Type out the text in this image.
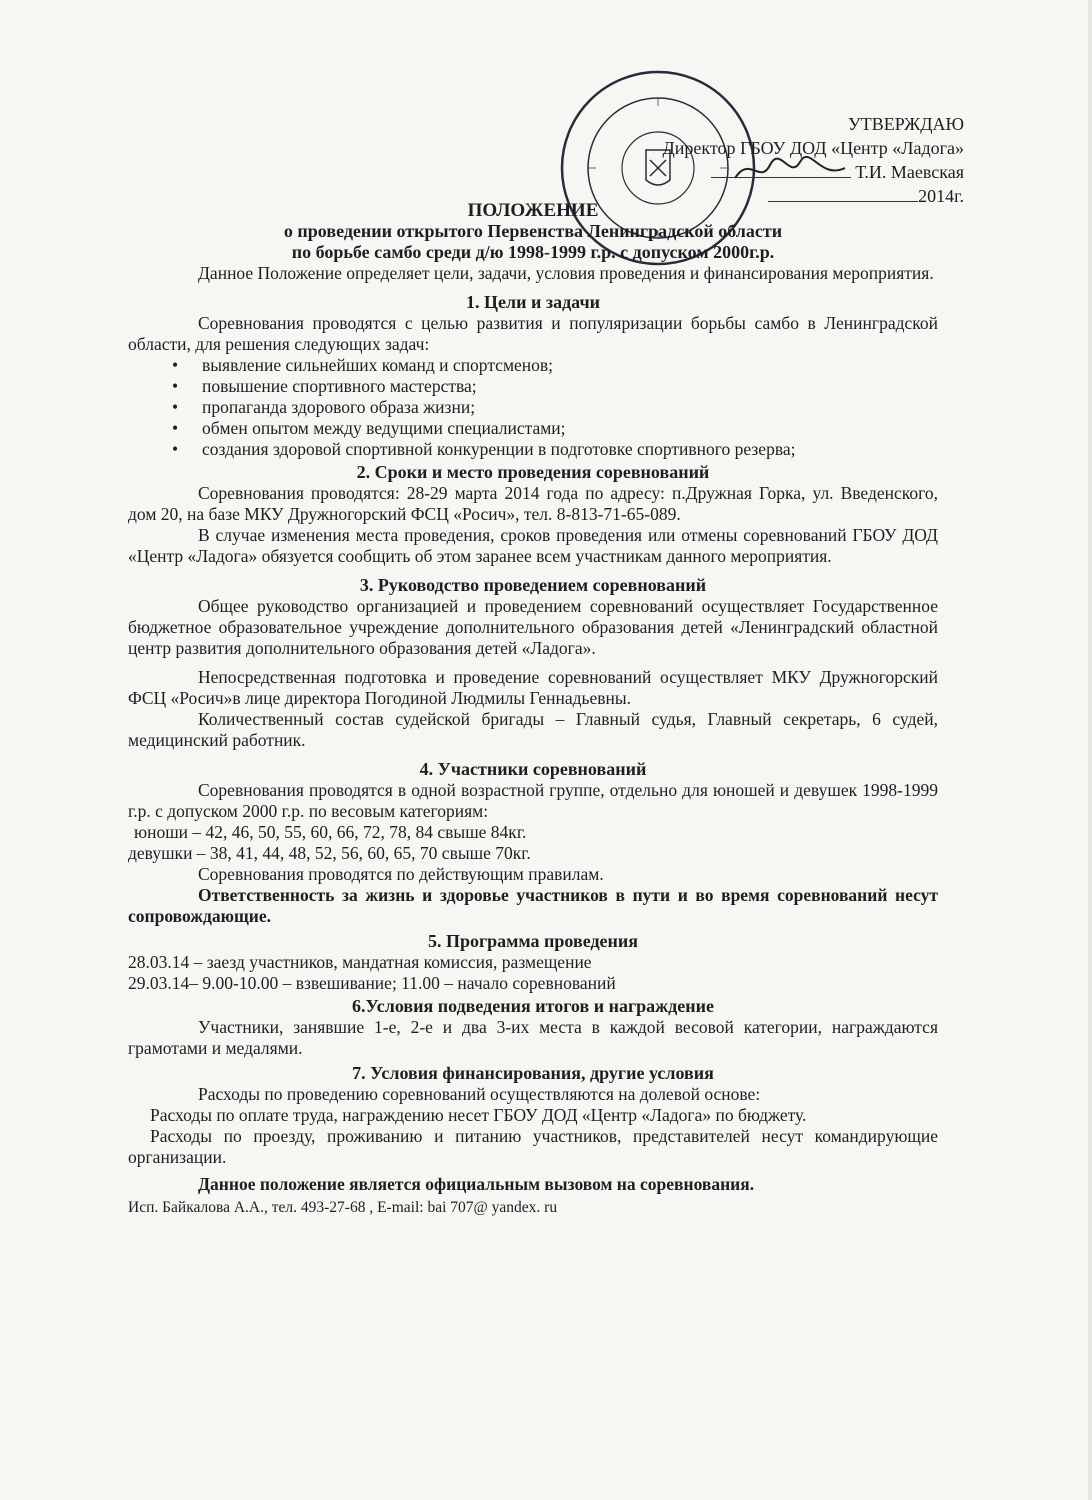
УТВЕРЖДАЮ
Директор ГБОУ ДОД «Центр «Ладога»
Т.И. Маевская
2014г.
ПОЛОЖЕНИЕ
о проведении открытого Первенства Ленинградской области
по борьбе самбо среди д/ю 1998-1999 г.р. с допуском 2000г.р.

Данное Положение определяет цели, задачи, условия проведения и финансирования мероприятия.

1. Цели и задачи

Соревнования проводятся с целью развития и популяризации борьбы самбо в Ленинградской области, для решения следующих задач:

• выявление сильнейших команд и спортсменов;
• повышение спортивного мастерства;
• пропаганда здорового образа жизни;
• обмен опытом между ведущими специалистами;
• создания здоровой спортивной конкуренции в подготовке спортивного резерва;
2. Сроки и место проведения соревнований

Соревнования проводятся: 28-29 марта 2014 года по адресу: п.Дружная Горка, ул. Введенского, дом 20, на базе МКУ Дружногорский ФСЦ «Росич», тел. 8-813-71-65-089.

В случае изменения места проведения, сроков проведения или отмены соревнований ГБОУ ДОД «Центр «Ладога» обязуется сообщить об этом заранее всем участникам данного мероприятия.

3. Руководство проведением соревнований

Общее руководство организацией и проведением соревнований осуществляет Государственное бюджетное образовательное учреждение дополнительного образования детей «Ленинградский областной центр развития дополнительного образования детей «Ладога».

Непосредственная подготовка и проведение соревнований осуществляет МКУ Дружногорский ФСЦ «Росич»в лице директора Погодиной Людмилы Геннадьевны.

Количественный состав судейской бригады – Главный судья, Главный секретарь, 6 судей, медицинский работник.

4. Участники соревнований

Соревнования проводятся в одной возрастной группе, отдельно для юношей и девушек 1998-1999 г.р. с допуском 2000 г.р. по весовым категориям:

юноши – 42, 46, 50, 55, 60, 66, 72, 78, 84 свыше 84кг.

девушки – 38, 41, 44, 48, 52, 56, 60, 65, 70 свыше 70кг.

Соревнования проводятся по действующим правилам.

Ответственность за жизнь и здоровье участников в пути и во время соревнований несут сопровождающие.

5. Программа проведения

28.03.14 – заезд участников, мандатная комиссия, размещение

29.03.14– 9.00-10.00 – взвешивание; 11.00 – начало соревнований

6.Условия подведения итогов и награждение

Участники, занявшие 1-е, 2-е и два 3-их места в каждой весовой категории, награждаются грамотами и медалями.

7. Условия финансирования, другие условия

Расходы по проведению соревнований осуществляются на долевой основе:

Расходы по оплате труда, награждению несет ГБОУ ДОД «Центр «Ладога» по бюджету.

Расходы по проезду, проживанию и питанию участников, представителей несут командирующие организации.

Данное положение является официальным вызовом на соревнования.

Исп. Байкалова А.А., тел. 493-27-68 , E-mail: bai 707@ yandex. ru
